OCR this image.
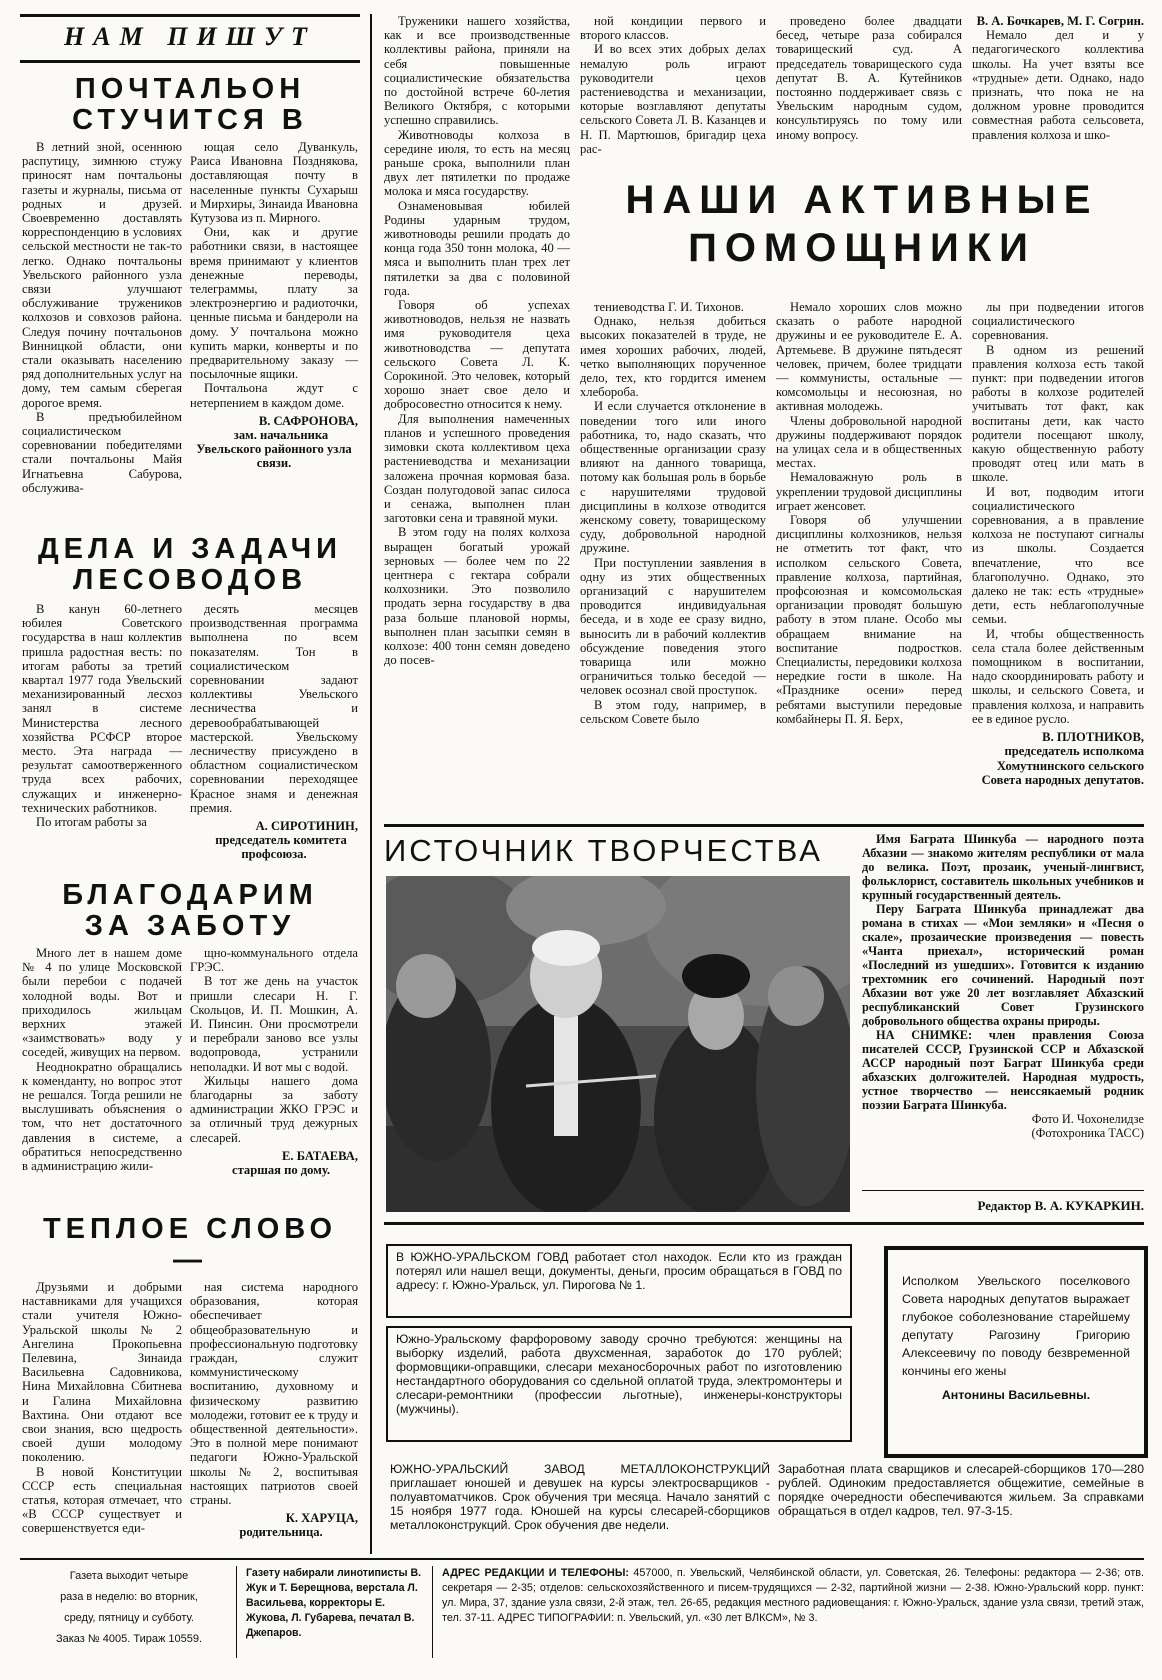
НАМ ПИШУТ
ПОЧТАЛЬОН
СТУЧИТСЯ В

В летний зной, осеннюю распутицу, зимнюю стужу приносят нам почтальоны газеты и журналы, письма от родных и друзей. Своевременно доставлять корреспонденцию в условиях сельской местности не так-то легко. Однако почтальоны Увельского районного узла связи улучшают обслуживание тружеников колхозов и совхозов района. Следуя почину почтальонов Винницкой области, они стали оказывать населению ряд дополнительных услуг на дому, тем самым сберегая дорогое время.

В предъюбилейном социалистическом соревновании победителями стали почтальоны Майя Игнатьевна Сабурова, обслужива-

ющая село Дуванкуль, Раиса Ивановна Позднякова, доставляющая почту в населенные пункты Сухарыш и Мирхиры, Зинаида Ивановна Кутузова из п. Мирного.

Они, как и другие работники связи, в настоящее время принимают у клиентов денежные переводы, телеграммы, плату за электроэнергию и радиоточки, ценные письма и бандероли на дому. У почтальона можно купить марки, конверты и по предварительному заказу — посылочные ящики.

Почтальона ждут с нетерпением в каждом доме.

В. САФРОНОВА,

зам. начальника Увельского районного узла связи.

ДЕЛА И ЗАДАЧИ
ЛЕСОВОДОВ

В канун 60-летнего юбилея Советского государства в наш коллектив пришла радостная весть: по итогам работы за третий квартал 1977 года Увельский механизированный лесхоз занял в системе Министерства лесного хозяйства РСФСР второе место. Эта награда — результат самоотверженного труда всех рабочих, служащих и инженерно-технических работников.

По итогам работы за

десять месяцев производственная программа выполнена по всем показателям. Тон в социалистическом соревновании задают коллективы Увельского лесничества и деревообрабатывающей мастерской. Увельскому лесничеству присуждено в областном социалистическом соревновании переходящее Красное знамя и денежная премия.

А. СИРОТИНИН,

председатель комитета профсоюза.

БЛАГОДАРИМ
ЗА ЗАБОТУ

Много лет в нашем доме № 4 по улице Московской были перебои с подачей холодной воды. Вот и приходилось жильцам верхних этажей «заимствовать» воду у соседей, живущих на первом.

Неоднократно обращались к коменданту, но вопрос этот не решался. Тогда решили не выслушивать объяснения о том, что нет достаточного давления в системе, а обратиться непосредственно в администрацию жили-

щно-коммунального отдела ГРЭС.

В тот же день на участок пришли слесари Н. Г. Скольцов, И. П. Мошкин, А. И. Пинсин. Они просмотрели и перебрали заново все узлы водопровода, устранили неполадки. И вот мы с водой.

Жильцы нашего дома благодарны за заботу администрации ЖКО ГРЭС и за отличный труд дежурных слесарей.

Е. БАТАЕВА,

старшая по дому.

ТЕПЛОЕ СЛОВО —

Друзьями и добрыми наставниками для учащихся стали учителя Южно-Уральской школы № 2 Ангелина Прокопьевна Пелевина, Зинаида Васильевна Садовникова, Нина Михайловна Сбитнева и Галина Михайловна Вахтина. Они отдают все свои знания, всю щедрость своей души молодому поколению.

В новой Конституции СССР есть специальная статья, которая отмечает, что «В СССР существует и совершенствуется еди-

ная система народного образования, которая обеспечивает общеобразовательную и профессиональную подготовку граждан, служит коммунистическому воспитанию, духовному и физическому развитию молодежи, готовит ее к труду и общественной деятельности». Это в полной мере понимают педагоги Южно-Уральской школы № 2, воспитывая настоящих патриотов своей страны.

К. ХАРУЦА,

родительница.

Труженики нашего хозяйства, как и все производственные коллективы района, приняли на себя повышенные социалистические обязательства по достойной встрече 60-летия Великого Октября, с которыми успешно справились.

Животноводы колхоза в середине июля, то есть на месяц раньше срока, выполнили план двух лет пятилетки по продаже молока и мяса государству.

Ознаменовывая юбилей Родины ударным трудом, животноводы решили продать до конца года 350 тонн молока, 40 — мяса и выполнить план трех лет пятилетки за два с половиной года.

Говоря об успехах животноводов, нельзя не назвать имя руководителя цеха животноводства — депутата сельского Совета Л. К. Сорокиной. Это человек, который хорошо знает свое дело и добросовестно относится к нему.

Для выполнения намеченных планов и успешного проведения зимовки скота коллективом цеха растениеводства и механизации заложена прочная кормовая база. Создан полугодовой запас силоса и сенажа, выполнен план заготовки сена и травяной муки.

В этом году на полях колхоза выращен богатый урожай зерновых — более чем по 22 центнера с гектара собрали колхозники. Это позволило продать зерна государству в два раза больше плановой нормы, выполнен план засыпки семян в колхозе: 400 тонн семян доведено до посев-

ной кондиции первого и второго классов.

И во всех этих добрых делах немалую роль играют руководители цехов растениеводства и механизации, которые возглавляют депутаты сельского Совета Л. В. Казанцев и Н. П. Мартюшов, бригадир цеха рас-

проведено более двадцати бесед, четыре раза собирался товарищеский суд. А председатель товарищеского суда депутат В. А. Кутейников постоянно поддерживает связь с Увельским народным судом, консультируясь по тому или иному вопросу.

В. А. Бочкарев, М. Г. Согрин.

Немало дел и у педагогического коллектива школы. На учет взяты все «трудные» дети. Однако, надо признать, что пока не на должном уровне проводится совместная работа сельсовета, правления колхоза и шко-

НАШИ АКТИВНЫЕ
ПОМОЩНИКИ

тениеводства Г. И. Тихонов.

Однако, нельзя добиться высоких показателей в труде, не имея хороших рабочих, людей, четко выполняющих порученное дело, тех, кто гордится именем хлебороба.

И если случается отклонение в поведении того или иного работника, то, надо сказать, что общественные организации сразу влияют на данного товарища, потому как большая роль в борьбе с нарушителями трудовой дисциплины в колхозе отводится женскому совету, товарищескому суду, добровольной народной дружине.

При поступлении заявления в одну из этих общественных организаций с нарушителем проводится индивидуальная беседа, и в ходе ее сразу видно, выносить ли в рабочий коллектив обсуждение поведения этого товарища или можно ограничиться только беседой — человек осознал свой проступок.

В этом году, например, в сельском Совете было

Немало хороших слов можно сказать о работе народной дружины и ее руководителе Е. А. Артемьеве. В дружине пятьдесят человек, причем, более тридцати — коммунисты, остальные — комсомольцы и несоюзная, но активная молодежь.

Члены добровольной народной дружины поддерживают порядок на улицах села и в общественных местах.

Немаловажную роль в укреплении трудовой дисциплины играет женсовет.

Говоря об улучшении дисциплины колхозников, нельзя не отметить тот факт, что исполком сельского Совета, правление колхоза, партийная, профсоюзная и комсомольская организации проводят большую работу в этом плане. Особо мы обращаем внимание на воспитание подростков. Специалисты, передовики колхоза нередкие гости в школе. На «Празднике осени» перед ребятами выступили передовые комбайнеры П. Я. Берх,

лы при подведении итогов социалистического соревнования.

В одном из решений правления колхоза есть такой пункт: при подведении итогов работы в колхозе родителей учитывать тот факт, как воспитаны дети, как часто родители посещают школу, какую общественную работу проводят отец или мать в школе.

И вот, подводим итоги социалистического соревнования, а в правление колхоза не поступают сигналы из школы. Создается впечатление, что все благополучно. Однако, это далеко не так: есть «трудные» дети, есть неблагополучные семьи.

И, чтобы общественность села стала более действенным помощником в воспитании, надо скоординировать работу и школы, и сельского Совета, и правления колхоза, и направить ее в единое русло.

В. ПЛОТНИКОВ,

председатель исполкома Хомутнинского сельского Совета народных депутатов.

ИСТОЧНИК ТВОРЧЕСТВА	Имя Баграта Шинкуба — народного поэта Абхазии — знакомо жителям республики от мала до велика. Поэт, прозаик, ученый-лингвист, фольклорист, составитель школьных учебников и крупный государственный деятель.

Перу Баграта Шинкуба принадлежат два романа в стихах — «Мои земляки» и «Песня о скале», прозаические произведения — повесть «Чанта приехал», исторический роман «Последний из ушедших». Готовится к изданию трехтомник его сочинений. Народный поэт Абхазии вот уже 20 лет возглавляет Абхазский республиканский Совет Грузинского добровольного общества охраны природы.

НА СНИМКЕ: член правления Союза писателей СССР, Грузинской ССР и Абхазской АССР народный поэт Баграт Шинкуба среди абхазских долгожителей. Народная мудрость, устное творчество — неиссякаемый родник поэзии Баграта Шинкуба.

Фото И. Чохонелидзе

(Фотохроника ТАСС)

Редактор В. А. КУКАРКИН.
В ЮЖНО-УРАЛЬСКОМ ГОВД работает стол находок. Если кто из граждан потерял или нашел вещи, документы, деньги, просим обращаться в ГОВД по адресу: г. Южно-Уральск, ул. Пирогова № 1.
Южно-Уральскому фарфоровому заводу срочно требуются: женщины на выборку изделий, работа двухсменная, заработок до 170 рублей; формовщики-оправщики, слесари механосборочных работ по изготовлению нестандартного оборудования со сдельной оплатой труда, электромонтеры и слесари-ремонтники (профессии льготные), инженеры-конструкторы (мужчины).
Исполком Увельского поселкового Совета народных депутатов выражает глубокое соболезнование старейшему депутату Рагозину Григорию Алексеевичу по поводу безвременной кончины его жены
Антонины Васильевны.
ЮЖНО-УРАЛЬСКИЙ ЗАВОД МЕТАЛЛОКОНСТРУКЦИЙ приглашает юношей и девушек на курсы электросварщиков - полуавтоматчиков. Срок обучения три месяца. Начало занятий с 15 ноября 1977 года. Юношей на курсы слесарей-сборщиков металлоконструкций. Срок обучения две недели.
Заработная плата сварщиков и слесарей-сборщиков 170—280 рублей. Одиноким предоставляется общежитие, семейные в порядке очередности обеспечиваются жильем. За справками обращаться в отдел кадров, тел. 97-3-15.
Газета выходит четыре
раза в неделю: во вторник,
среду, пятницу и субботу.
Заказ № 4005. Тираж 10559.
Газету набирали линотиписты В. Жук и Т. Берещнова, верстала Л. Васильева, корректоры Е. Жукова, Л. Губарева, печатал В. Джепаров.
АДРЕС РЕДАКЦИИ И ТЕЛЕФОНЫ: 457000, п. Увельский, Челябинской области, ул. Советская, 26. Телефоны: редактора — 2-36; отв. секретаря — 2-35; отделов: сельскохозяйственного и писем-трудящихся — 2-32, партийной жизни — 2-38. Южно-Уральский корр. пункт: ул. Мира, 37, здание узла связи, 2-й этаж, тел. 26-65, редакция местного радиовещания: г. Южно-Уральск, здание узла связи, третий этаж, тел. 37-11. АДРЕС ТИПОГРАФИИ: п. Увельский, ул. «30 лет ВЛКСМ», № 3.
